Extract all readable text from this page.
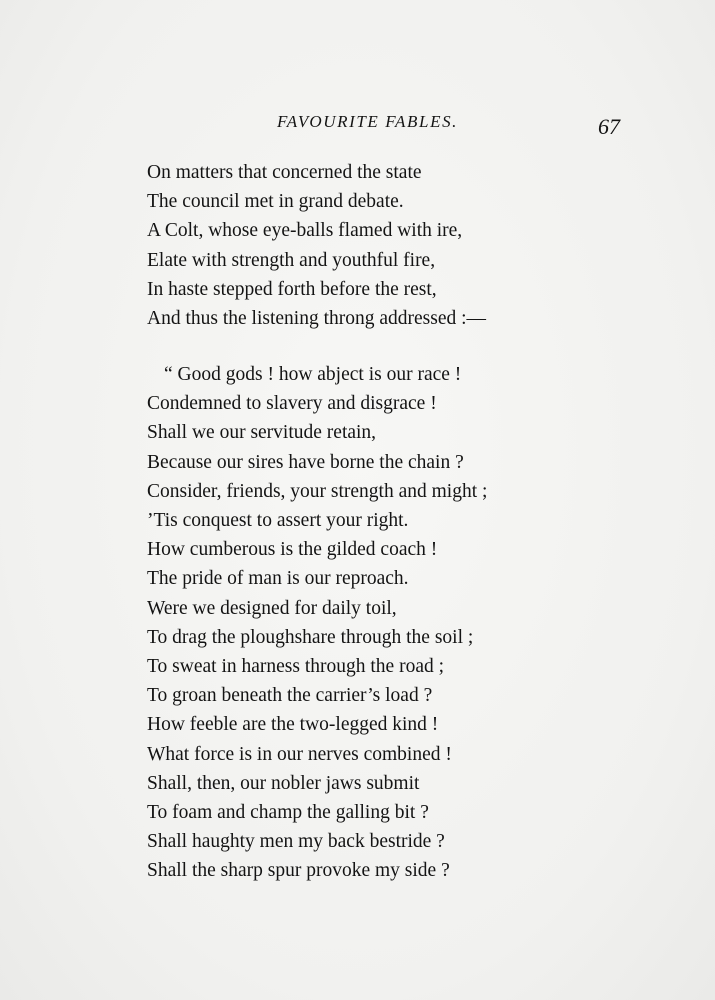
FAVOURITE FABLES.	67
On matters that concerned the state
The council met in grand debate.
A Colt, whose eye-balls flamed with ire,
Elate with strength and youthful fire,
In haste stepped forth before the rest,
And thus the listening throng addressed :—
“ Good gods ! how abject is our race !
Condemned to slavery and disgrace !
Shall we our servitude retain,
Because our sires have borne the chain ?
Consider, friends, your strength and might ;
’Tis conquest to assert your right.
How cumberous is the gilded coach !
The pride of man is our reproach.
Were we designed for daily toil,
To drag the ploughshare through the soil ;
To sweat in harness through the road ;
To groan beneath the carrier’s load ?
How feeble are the two-legged kind !
What force is in our nerves combined !
Shall, then, our nobler jaws submit
To foam and champ the galling bit ?
Shall haughty men my back bestride ?
Shall the sharp spur provoke my side ?
